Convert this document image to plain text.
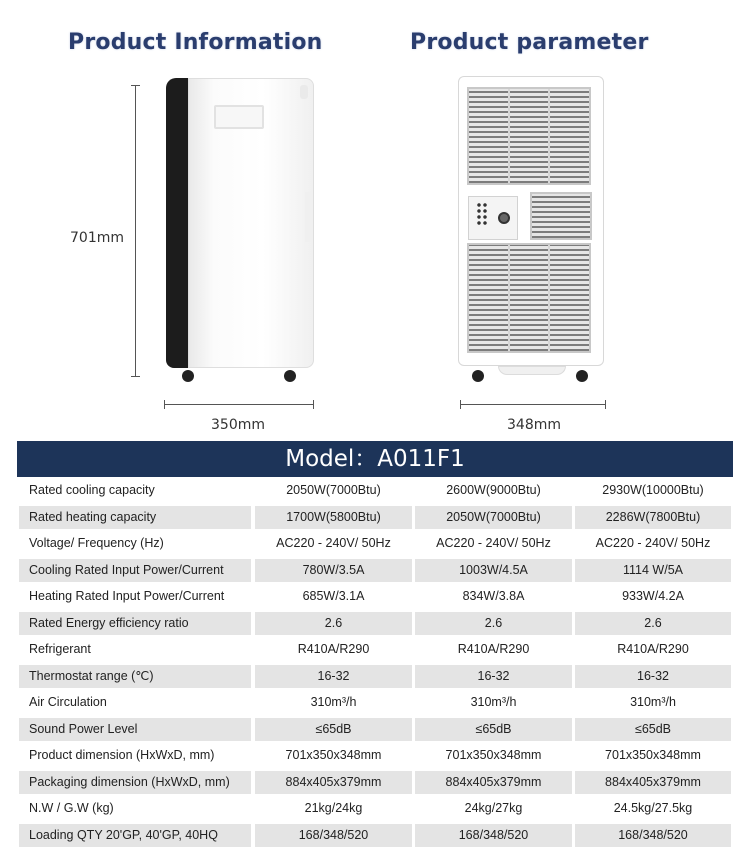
Product Information	Product parameter
701mm
350mm	348mm
Model：A011F1
Rated cooling capacity	2050W(7000Btu)	2600W(9000Btu)	2930W(10000Btu)
Rated heating capacity	1700W(5800Btu)	2050W(7000Btu)	2286W(7800Btu)
Voltage/ Frequency (Hz)	AC220 - 240V/ 50Hz	AC220 - 240V/ 50Hz	AC220 - 240V/ 50Hz
Cooling Rated Input Power/Current	780W/3.5A	1003W/4.5A	1114 W/5A
Heating Rated Input Power/Current	685W/3.1A	834W/3.8A	933W/4.2A
Rated Energy efficiency ratio	2.6	2.6	2.6
Refrigerant	R410A/R290	R410A/R290	R410A/R290
Thermostat range (℃)	16-32	16-32	16-32
Air Circulation	310m³/h	310m³/h	310m³/h
Sound Power Level	≤65dB	≤65dB	≤65dB
Product dimension (HxWxD, mm)	701x350x348mm	701x350x348mm	701x350x348mm
Packaging dimension (HxWxD, mm)	884x405x379mm	884x405x379mm	884x405x379mm
N.W / G.W (kg)	21kg/24kg	24kg/27kg	24.5kg/27.5kg
Loading QTY 20'GP, 40'GP, 40HQ	168/348/520	168/348/520	168/348/520
